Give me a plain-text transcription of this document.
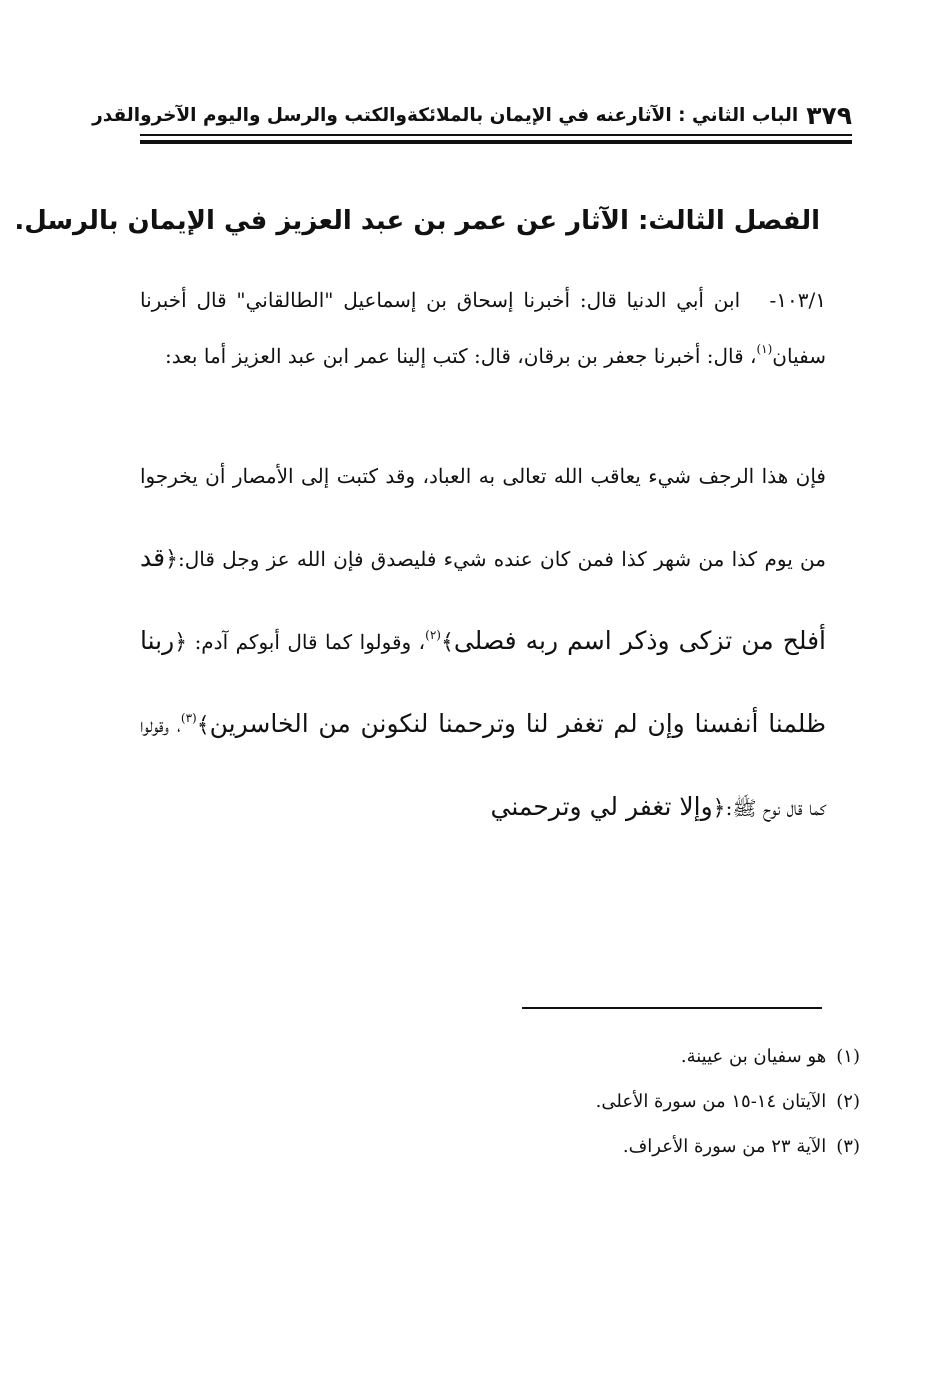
٣٧٩
الباب الثاني : الآثارعنه في الإيمان بالملائكةوالكتب والرسل واليوم الآخروالقدر
الفصل الثالث: الآثار عن عمر بن عبد العزيز في الإيمان بالرسل.
١٠٣/١-   ابن أبي الدنيا قال: أخبرنا إسحاق بن إسماعيل "الطالقاني" قال أخبرنا سفيان$^{(١)}$، قال: أخبرنا جعفر بن برقان، قال: كتب إلينا عمر ابن عبد العزيز أما بعد:
فإن هذا الرجف شيء يعاقب الله تعالى به العباد، وقد كتبت إلى الأمصار أن يخرجوا من يوم كذا من شهر كذا فمن كان عنده شيء فليصدق فإن الله عز وجل قال:﴿قد أفلح من تزكى وذكر اسم ربه فصلى﴾$^{(٢)}$، وقولوا كما قال أبوكم آدم: ﴿ربنا ظلمنا أنفسنا وإن لم تغفر لنا وترحمنا لنكونن من الخاسرين﴾$^{(٣)}$، وقولوا كما قال نوح ﷺ:﴿وإلا تغفر لي وترحمني
(١)هو سفيان بن عيينة.
(٢)الآيتان ١٤-١٥ من سورة الأعلى.
(٣)الآية ٢٣ من سورة الأعراف.
